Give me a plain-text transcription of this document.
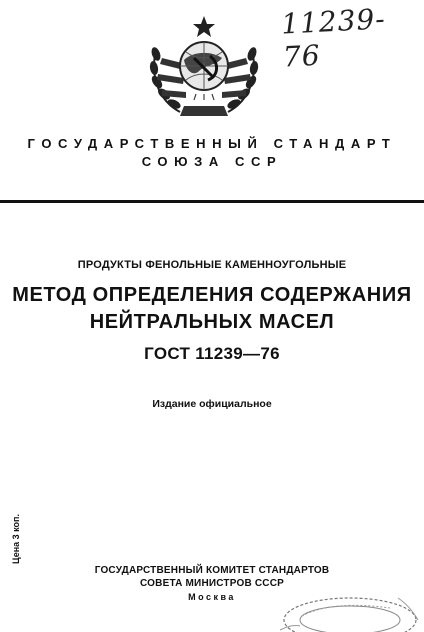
11239-76
ГОСУДАРСТВЕННЫЙ СТАНДАРТ
СОЮЗА ССР
ПРОДУКТЫ ФЕНОЛЬНЫЕ КАМЕННОУГОЛЬНЫЕ
МЕТОД ОПРЕДЕЛЕНИЯ СОДЕРЖАНИЯ
НЕЙТРАЛЬНЫХ МАСЕЛ
ГОСТ 11239—76
Издание официальное
Цена 3 коп.
ГОСУДАРСТВЕННЫЙ КОМИТЕТ СТАНДАРТОВ
СОВЕТА МИНИСТРОВ СССР
Москва
